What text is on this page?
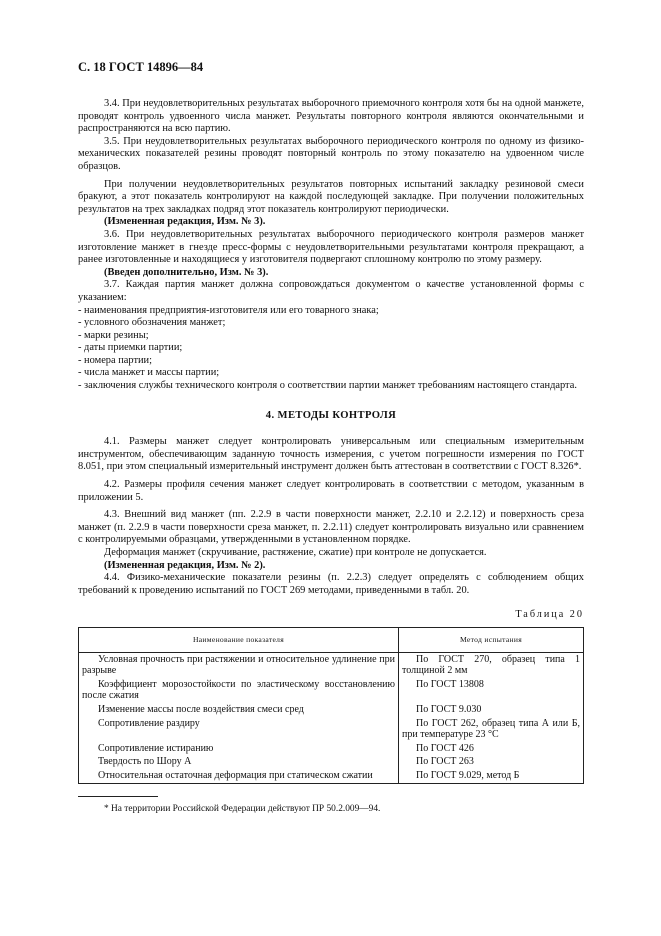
С. 18 ГОСТ 14896—84

3.4. При неудовлетворительных результатах выборочного приемочного контроля хотя бы на одной манжете, проводят контроль удвоенного числа манжет. Результаты повторного контроля являются окончательными и распространяются на всю партию.

3.5. При неудовлетворительных результатах выборочного периодического контроля по одному из физико-механических показателей резины проводят повторный контроль по этому показателю на удвоенном числе образцов.

При получении неудовлетворительных результатов повторных испытаний закладку резиновой смеси бракуют, а этот показатель контролируют на каждой последующей закладке. При получении положительных результатов на трех закладках подряд этот показатель контролируют периодически.

(Измененная редакция, Изм. № 3).

3.6. При неудовлетворительных результатах выборочного периодического контроля размеров манжет изготовление манжет в гнезде пресс-формы с неудовлетворительными результатами контроля прекращают, а ранее изготовленные и находящиеся у изготовителя подвергают сплошному контролю по этому размеру.

(Введен дополнительно, Изм. № 3).

3.7. Каждая партия манжет должна сопровождаться документом о качестве установленной формы с указанием:

- наименования предприятия-изготовителя или его товарного знака;

- условного обозначения манжет;

- марки резины;

- даты приемки партии;

- номера партии;

- числа манжет и массы партии;

- заключения службы технического контроля о соответствии партии манжет требованиям настоящего стандарта.

4. МЕТОДЫ КОНТРОЛЯ

4.1. Размеры манжет следует контролировать универсальным или специальным измерительным инструментом, обеспечивающим заданную точность измерения, с учетом погрешности измерения по ГОСТ 8.051, при этом специальный измерительный инструмент должен быть аттестован в соответствии с ГОСТ 8.326*.

4.2. Размеры профиля сечения манжет следует контролировать в соответствии с методом, указанным в приложении 5.

4.3. Внешний вид манжет (пп. 2.2.9 в части поверхности манжет, 2.2.10 и 2.2.12) и поверхность среза манжет (п. 2.2.9 в части поверхности среза манжет, п. 2.2.11) следует контролировать визуально или сравнением с контролируемыми образцами, утвержденными в установленном порядке.

Деформация манжет (скручивание, растяжение, сжатие) при контроле не допускается.

(Измененная редакция, Изм. № 2).

4.4. Физико-механические показатели резины (п. 2.2.3) следует определять с соблюдением общих требований к проведению испытаний по ГОСТ 269 методами, приведенными в табл. 20.

Таблица 20
Наименование показателя	Метод испытания
Условная прочность при растяжении и относительное удлинение при разрыве	По ГОСТ 270, образец типа 1 толщиной 2 мм
Коэффициент морозостойкости по эластическому восстановлению после сжатия	По ГОСТ 13808
Изменение массы после воздействия смеси сред	По ГОСТ 9.030
Сопротивление раздиру	По ГОСТ 262, образец типа А или Б, при температуре 23 °С
Сопротивление истиранию	По ГОСТ 426
Твердость по Шору А	По ГОСТ 263
Относительная остаточная деформация при статическом сжатии	По ГОСТ 9.029, метод Б
* На территории Российской Федерации действуют ПР 50.2.009—94.
